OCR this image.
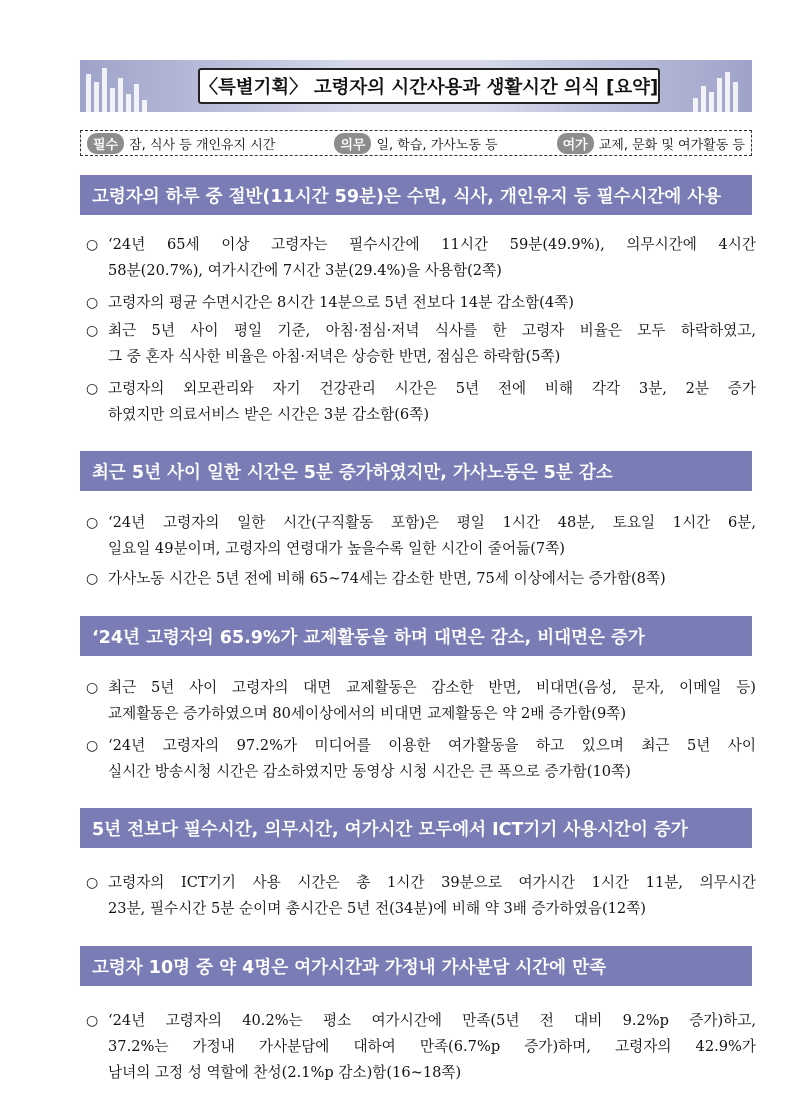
〈특별기획〉 고령자의 시간사용과 생활시간 의식 [요약]
필수 잠, 식사 등 개인유지 시간	의무 일, 학습, 가사노동 등	여가 교제, 문화 및 여가활동 등
고령자의 하루 중 절반(11시간 59분)은 수면, 식사, 개인유지 등 필수시간에 사용
○ ‘24년 65세 이상 고령자는 필수시간에 11시간 59분(49.9%), 의무시간에 4시간
58분(20.7%), 여가시간에 7시간 3분(29.4%)을 사용함(2쪽)
○ 고령자의 평균 수면시간은 8시간 14분으로 5년 전보다 14분 감소함(4쪽)
○ 최근 5년 사이 평일 기준, 아침·점심·저녁 식사를 한 고령자 비율은 모두 하락하였고,
그 중 혼자 식사한 비율은 아침·저녁은 상승한 반면, 점심은 하락함(5쪽)
○ 고령자의 외모관리와 자기 건강관리 시간은 5년 전에 비해 각각 3분, 2분 증가
하였지만 의료서비스 받은 시간은 3분 감소함(6쪽)
최근 5년 사이 일한 시간은 5분 증가하였지만, 가사노동은 5분 감소
○ ‘24년 고령자의 일한 시간(구직활동 포함)은 평일 1시간 48분, 토요일 1시간 6분,
일요일 49분이며, 고령자의 연령대가 높을수록 일한 시간이 줄어듦(7쪽)
○ 가사노동 시간은 5년 전에 비해 65~74세는 감소한 반면, 75세 이상에서는 증가함(8쪽)
‘24년 고령자의 65.9%가 교제활동을 하며 대면은 감소, 비대면은 증가
○ 최근 5년 사이 고령자의 대면 교제활동은 감소한 반면, 비대면(음성, 문자, 이메일 등)
교제활동은 증가하였으며 80세이상에서의 비대면 교제활동은 약 2배 증가함(9쪽)
○ ‘24년 고령자의 97.2%가 미디어를 이용한 여가활동을 하고 있으며 최근 5년 사이
실시간 방송시청 시간은 감소하였지만 동영상 시청 시간은 큰 폭으로 증가함(10쪽)
5년 전보다 필수시간, 의무시간, 여가시간 모두에서 ICT기기 사용시간이 증가
○ 고령자의 ICT기기 사용 시간은 총 1시간 39분으로 여가시간 1시간 11분, 의무시간
23분, 필수시간 5분 순이며 총시간은 5년 전(34분)에 비해 약 3배 증가하였음(12쪽)
고령자 10명 중 약 4명은 여가시간과 가정내 가사분담 시간에 만족
○ ‘24년 고령자의 40.2%는 평소 여가시간에 만족(5년 전 대비 9.2%p 증가)하고,
37.2%는 가정내 가사분담에 대하여 만족(6.7%p 증가)하며, 고령자의 42.9%가
남녀의 고정 성 역할에 찬성(2.1%p 감소)함(16~18쪽)
